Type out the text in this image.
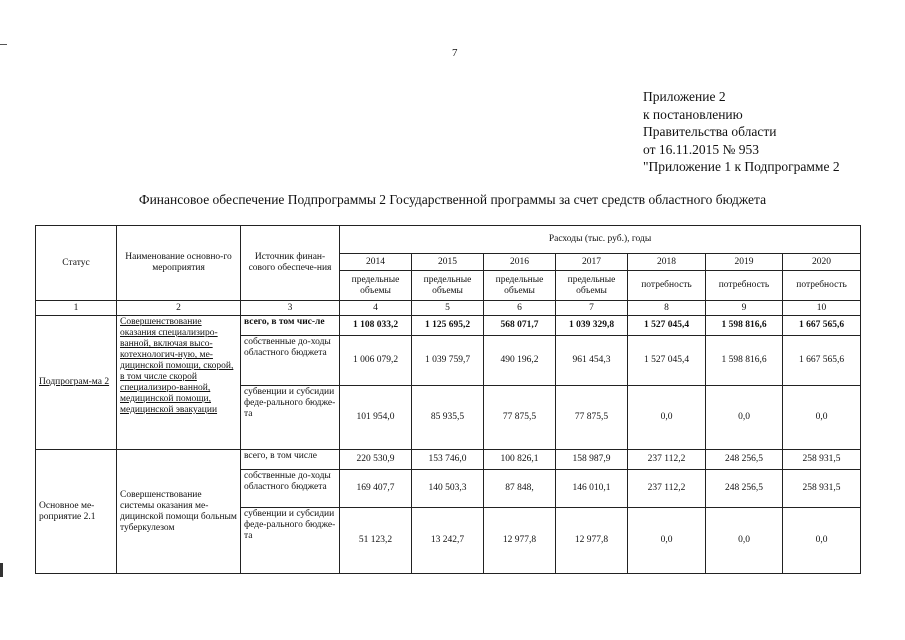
7
Приложение 2
к постановлению
Правительства области
от 16.11.2015 № 953
"Приложение 1 к Подпрограмме 2
Финансовое обеспечение Подпрограммы 2 Государственной программы за счет средств областного бюджета
Статус	Наименование основно-го мероприятия	Источник финан-сового обеспече-ния	Расходы (тыс. руб.), годы						
			2014	2015	2016	2017	2018	2019	2020
			предельные объемы	предельные объемы	предельные объемы	предельные объемы	потребность	потребность	потребность
1	2	3	4	5	6	7	8	9	10
Подпрограм-ма 2	Совершенствование оказания специализиро-ванной, включая высо-котехнологич-ную, ме-дицинской помощи, скорой, в том числе скорой специализиро-ванной, медицинской помощи, медицинской эвакуации	всего, в том чис-ле	1 108 033,2	1 125 695,2	568 071,7	1 039 329,8	1 527 045,4	1 598 816,6	1 667 565,6
		собственные до-ходы областного бюджета	1 006 079,2	1 039 759,7	490 196,2	961 454,3	1 527 045,4	1 598 816,6	1 667 565,6
		субвенции и субсидии феде-рального бюдже-та	101 954,0	85 935,5	77 875,5	77 875,5	0,0	0,0	0,0
Основное ме-роприятие 2.1	Совершенствование системы оказания ме-дицинской помощи больным туберкулезом	всего, в том числе	220 530,9	153 746,0	100 826,1	158 987,9	237 112,2	248 256,5	258 931,5
		собственные до-ходы областного бюджета	169 407,7	140 503,3	87 848,	146 010,1	237 112,2	248 256,5	258 931,5
		субвенции и субсидии феде-рального бюдже-та	51 123,2	13 242,7	12 977,8	12 977,8	0,0	0,0	0,0
